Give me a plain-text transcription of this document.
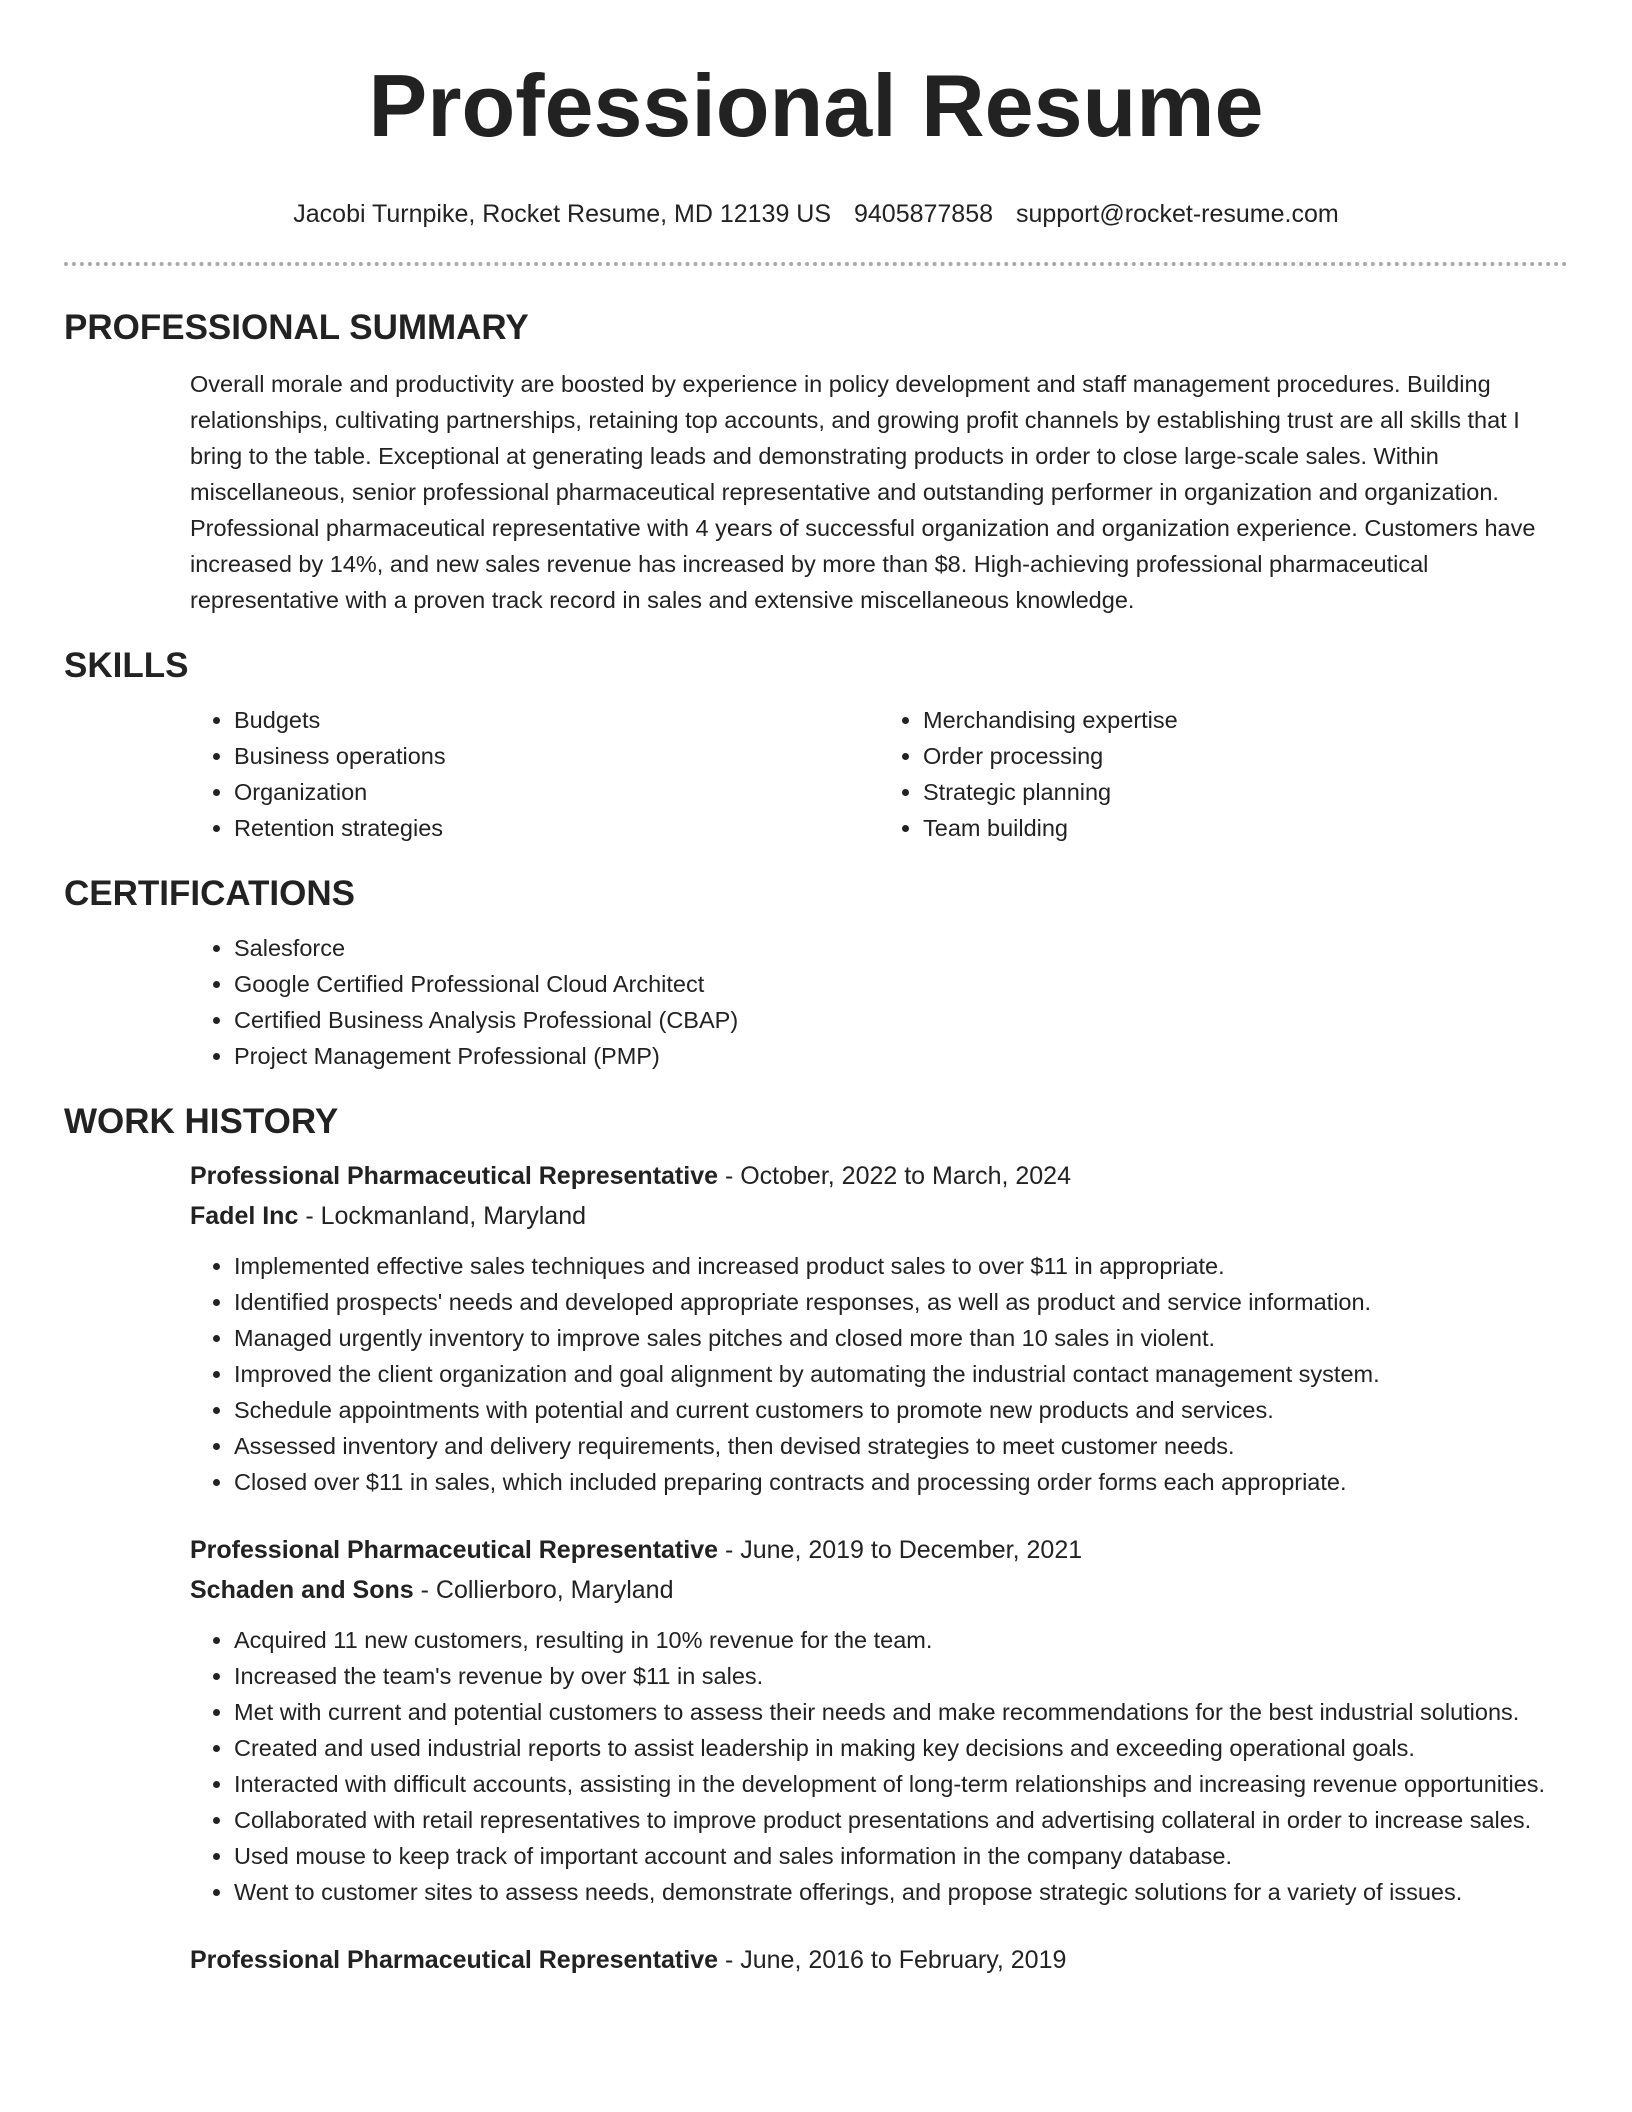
Professional Resume
Jacobi Turnpike, Rocket Resume, MD 12139 US 9405877858 support@rocket-resume.com
PROFESSIONAL SUMMARY

Overall morale and productivity are boosted by experience in policy development and staff management procedures. Building relationships, cultivating partnerships, retaining top accounts, and growing profit channels by establishing trust are all skills that I bring to the table. Exceptional at generating leads and demonstrating products in order to close large-scale sales. Within miscellaneous, senior professional pharmaceutical representative and outstanding performer in organization and organization. Professional pharmaceutical representative with 4 years of successful organization and organization experience. Customers have increased by 14%, and new sales revenue has increased by more than $8. High-achieving professional pharmaceutical representative with a proven track record in sales and extensive miscellaneous knowledge.

SKILLS
• Budgets
• Business operations
• Organization
• Retention strategies
• Merchandising expertise
• Order processing
• Strategic planning
• Team building
CERTIFICATIONS
• Salesforce
• Google Certified Professional Cloud Architect
• Certified Business Analysis Professional (CBAP)
• Project Management Professional (PMP)
WORK HISTORY
Professional Pharmaceutical Representative - October, 2022 to March, 2024
Fadel Inc - Lockmanland, Maryland
• Implemented effective sales techniques and increased product sales to over $11 in appropriate.
• Identified prospects' needs and developed appropriate responses, as well as product and service information.
• Managed urgently inventory to improve sales pitches and closed more than 10 sales in violent.
• Improved the client organization and goal alignment by automating the industrial contact management system.
• Schedule appointments with potential and current customers to promote new products and services.
• Assessed inventory and delivery requirements, then devised strategies to meet customer needs.
• Closed over $11 in sales, which included preparing contracts and processing order forms each appropriate.
Professional Pharmaceutical Representative - June, 2019 to December, 2021
Schaden and Sons - Collierboro, Maryland
• Acquired 11 new customers, resulting in 10% revenue for the team.
• Increased the team's revenue by over $11 in sales.
• Met with current and potential customers to assess their needs and make recommendations for the best industrial solutions.
• Created and used industrial reports to assist leadership in making key decisions and exceeding operational goals.
• Interacted with difficult accounts, assisting in the development of long-term relationships and increasing revenue opportunities.
• Collaborated with retail representatives to improve product presentations and advertising collateral in order to increase sales.
• Used mouse to keep track of important account and sales information in the company database.
• Went to customer sites to assess needs, demonstrate offerings, and propose strategic solutions for a variety of issues.
Professional Pharmaceutical Representative - June, 2016 to February, 2019
